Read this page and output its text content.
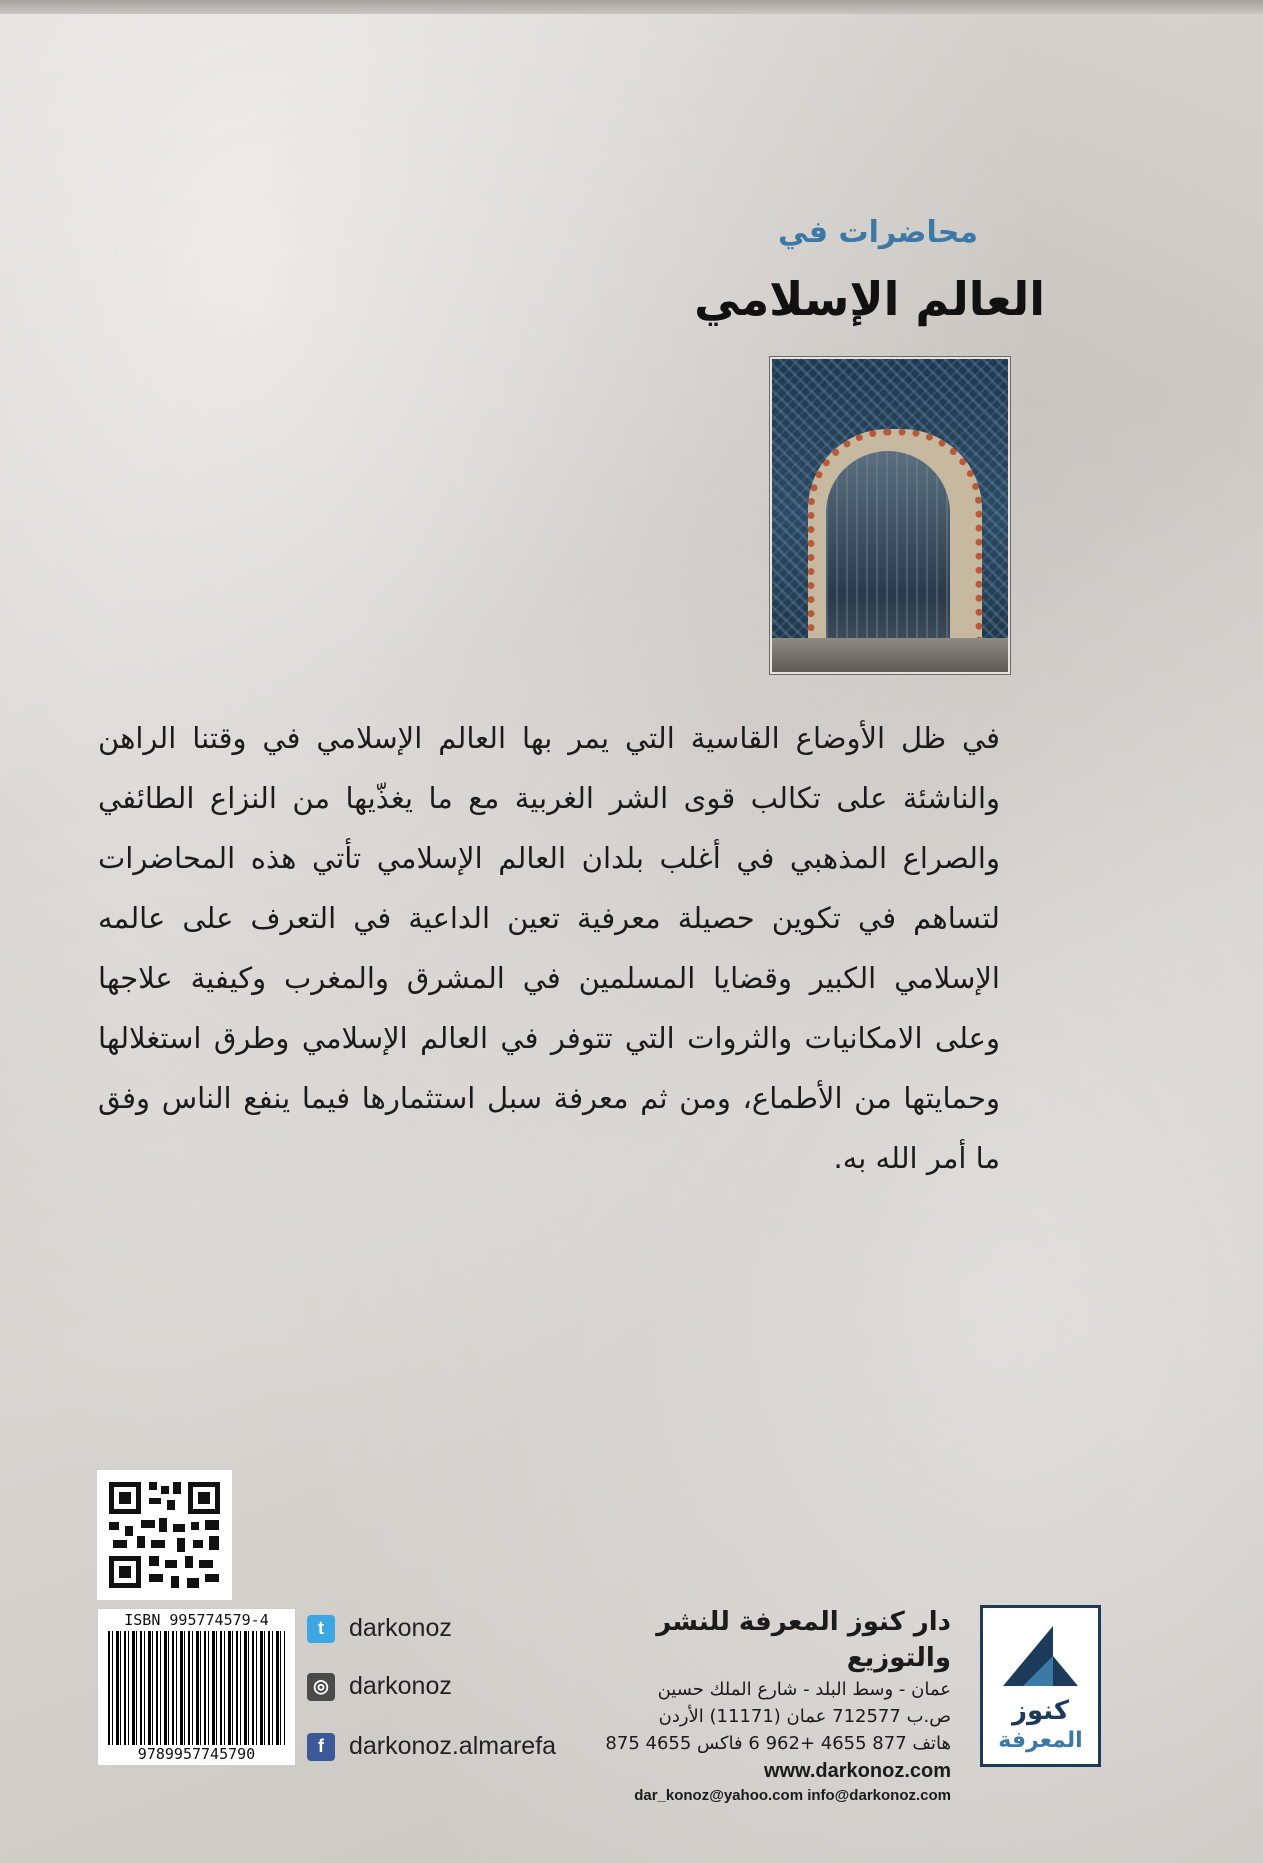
محاضرات في
العالم الإسلامي
في ظل الأوضاع القاسية التي يمر بها العالم الإسلامي في وقتنا الراهن والناشئة على تكالب قوى الشر الغربية مع ما يغذّيها من النزاع الطائفي والصراع المذهبي في أغلب بلدان العالم الإسلامي تأتي هذه المحاضرات لتساهم في تكوين حصيلة معرفية تعين الداعية في التعرف على عالمه الإسلامي الكبير وقضايا المسلمين في المشرق والمغرب وكيفية علاجها وعلى الامكانيات والثروات التي تتوفر في العالم الإسلامي وطرق استغلالها وحمايتها من الأطماع، ومن ثم معرفة سبل استثمارها فيما ينفع الناس وفق ما أمر الله به.
ISBN 995774579-4
9789957745790
t	darkonoz
◎ darkonoz
f	darkonoz.almarefa
دار كنوز المعرفة للنشر والتوزيع
عمان - وسط البلد - شارع الملك حسين
ص.ب 712577 عمان (11171) الأردن
هاتف 877 4655 +962 6 فاكس 4655 875
www.darkonoz.com
dar_konoz@yahoo.com info@darkonoz.com
كنوز
المعرفة
